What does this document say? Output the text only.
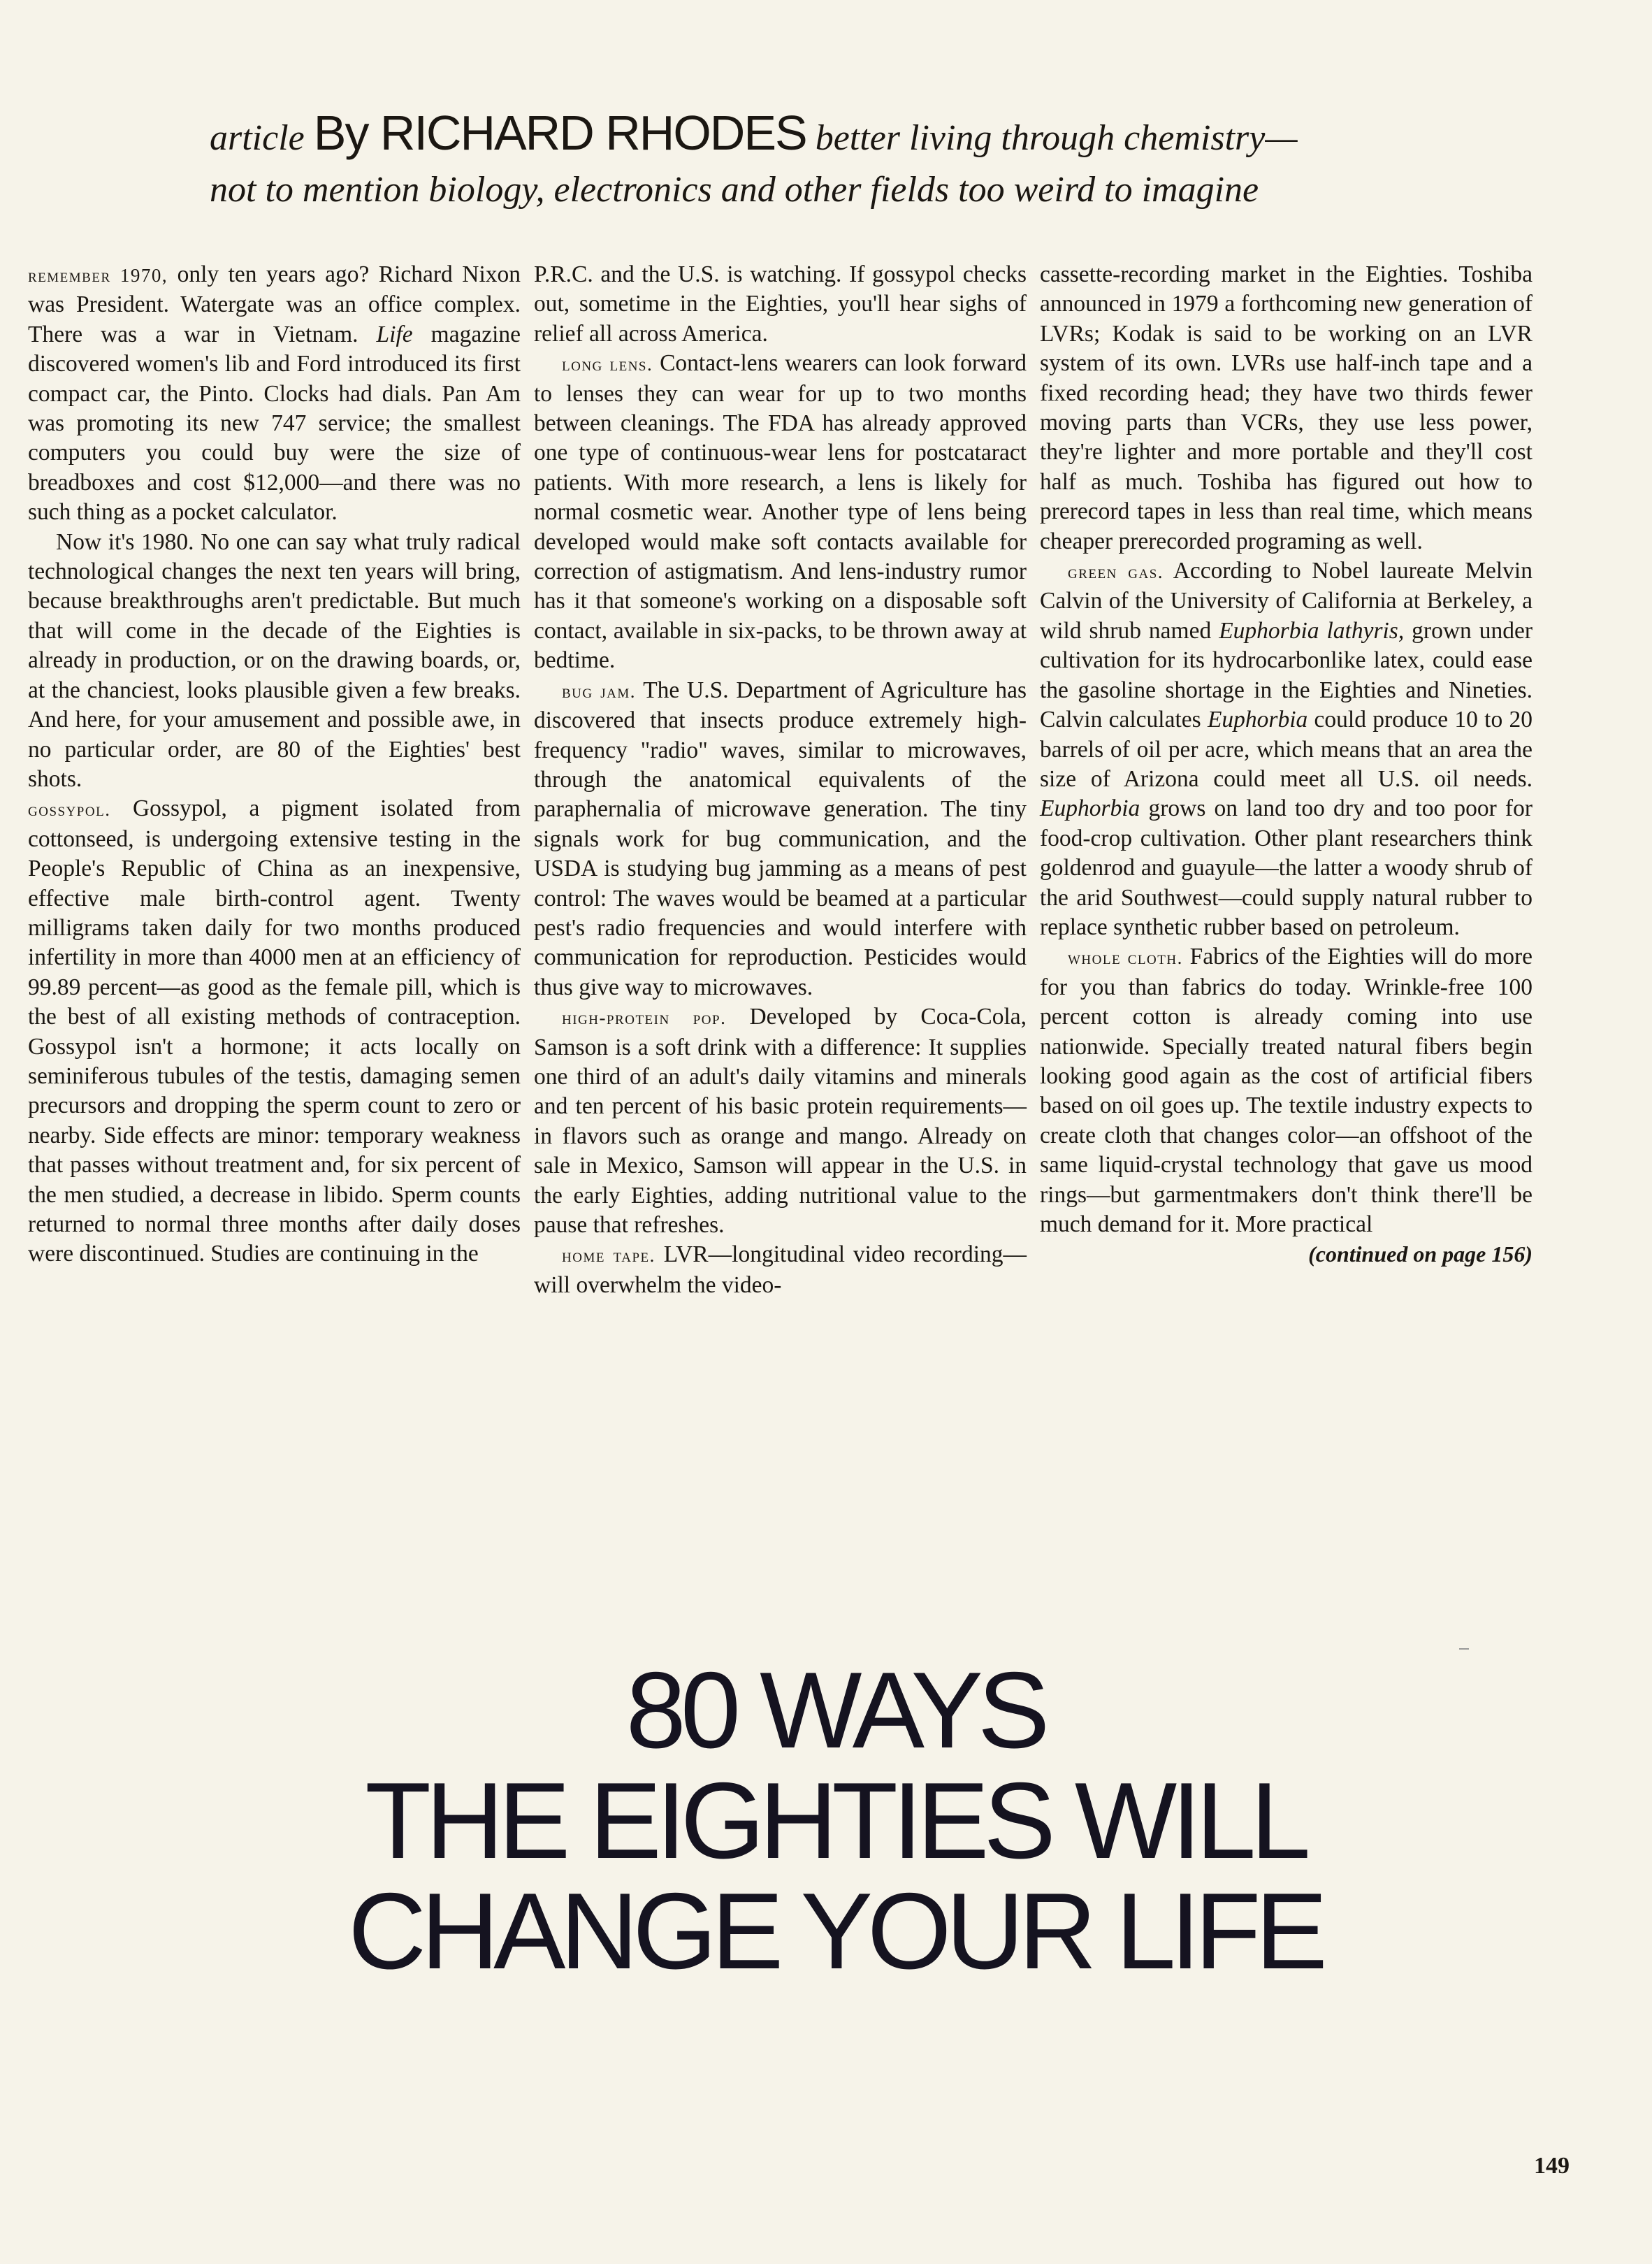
article By RICHARD RHODES better living through chemistry—
not to mention biology, electronics and other fields too weird to imagine

remember 1970, only ten years ago? Richard Nixon was President. Watergate was an office complex. There was a war in Vietnam. Life magazine discovered women's lib and Ford introduced its first compact car, the Pinto. Clocks had dials. Pan Am was promoting its new 747 service; the smallest computers you could buy were the size of breadboxes and cost $12,000—and there was no such thing as a pocket calculator.

Now it's 1980. No one can say what truly radical technological changes the next ten years will bring, because breakthroughs aren't predictable. But much that will come in the decade of the Eighties is already in production, or on the drawing boards, or, at the chanciest, looks plausible given a few breaks. And here, for your amusement and possible awe, in no particular order, are 80 of the Eighties' best shots.

gossypol. Gossypol, a pigment isolated from cottonseed, is undergoing extensive testing in the People's Republic of China as an inexpensive, effective male birth-control agent. Twenty milligrams taken daily for two months produced infertility in more than 4000 men at an efficiency of 99.89 percent—as good as the female pill, which is the best of all existing methods of contraception. Gossypol isn't a hormone; it acts locally on seminiferous tubules of the testis, damaging semen precursors and dropping the sperm count to zero or nearby. Side effects are minor: temporary weakness that passes without treatment and, for six percent of the men studied, a decrease in libido. Sperm counts returned to normal three months after daily doses were discontinued. Studies are continuing in the

P.R.C. and the U.S. is watching. If gossypol checks out, sometime in the Eighties, you'll hear sighs of relief all across America.

long lens. Contact-lens wearers can look forward to lenses they can wear for up to two months between cleanings. The FDA has already approved one type of continuous-wear lens for postcataract patients. With more research, a lens is likely for normal cosmetic wear. Another type of lens being developed would make soft contacts available for correction of astigmatism. And lens-industry rumor has it that someone's working on a disposable soft contact, available in six-packs, to be thrown away at bedtime.

bug jam. The U.S. Department of Agriculture has discovered that insects produce extremely high-frequency "radio" waves, similar to microwaves, through the anatomical equivalents of the paraphernalia of microwave generation. The tiny signals work for bug communication, and the USDA is studying bug jamming as a means of pest control: The waves would be beamed at a particular pest's radio frequencies and would interfere with communication for reproduction. Pesticides would thus give way to microwaves.

high-protein pop. Developed by Coca-Cola, Samson is a soft drink with a difference: It supplies one third of an adult's daily vitamins and minerals and ten percent of his basic protein requirements—in flavors such as orange and mango. Already on sale in Mexico, Samson will appear in the U.S. in the early Eighties, adding nutritional value to the pause that refreshes.

home tape. LVR—longitudinal video recording—will overwhelm the video-

cassette-recording market in the Eighties. Toshiba announced in 1979 a forthcoming new generation of LVRs; Kodak is said to be working on an LVR system of its own. LVRs use half-inch tape and a fixed recording head; they have two thirds fewer moving parts than VCRs, they use less power, they're lighter and more portable and they'll cost half as much. Toshiba has figured out how to prerecord tapes in less than real time, which means cheaper prerecorded programing as well.

green gas. According to Nobel laureate Melvin Calvin of the University of California at Berkeley, a wild shrub named Euphorbia lathyris, grown under cultivation for its hydrocarbonlike latex, could ease the gasoline shortage in the Eighties and Nineties. Calvin calculates Euphorbia could produce 10 to 20 barrels of oil per acre, which means that an area the size of Arizona could meet all U.S. oil needs. Euphorbia grows on land too dry and too poor for food-crop cultivation. Other plant researchers think goldenrod and guayule—the latter a woody shrub of the arid Southwest—could supply natural rubber to replace synthetic rubber based on petroleum.

whole cloth. Fabrics of the Eighties will do more for you than fabrics do today. Wrinkle-free 100 percent cotton is already coming into use nationwide. Specially treated natural fibers begin looking good again as the cost of artificial fibers based on oil goes up. The textile industry expects to create cloth that changes color—an offshoot of the same liquid-crystal technology that gave us mood rings—but garmentmakers don't think there'll be much demand for it. More practical
(continued on page 156)

80 WAYS
THE EIGHTIES WILL
CHANGE YOUR LIFE
149
